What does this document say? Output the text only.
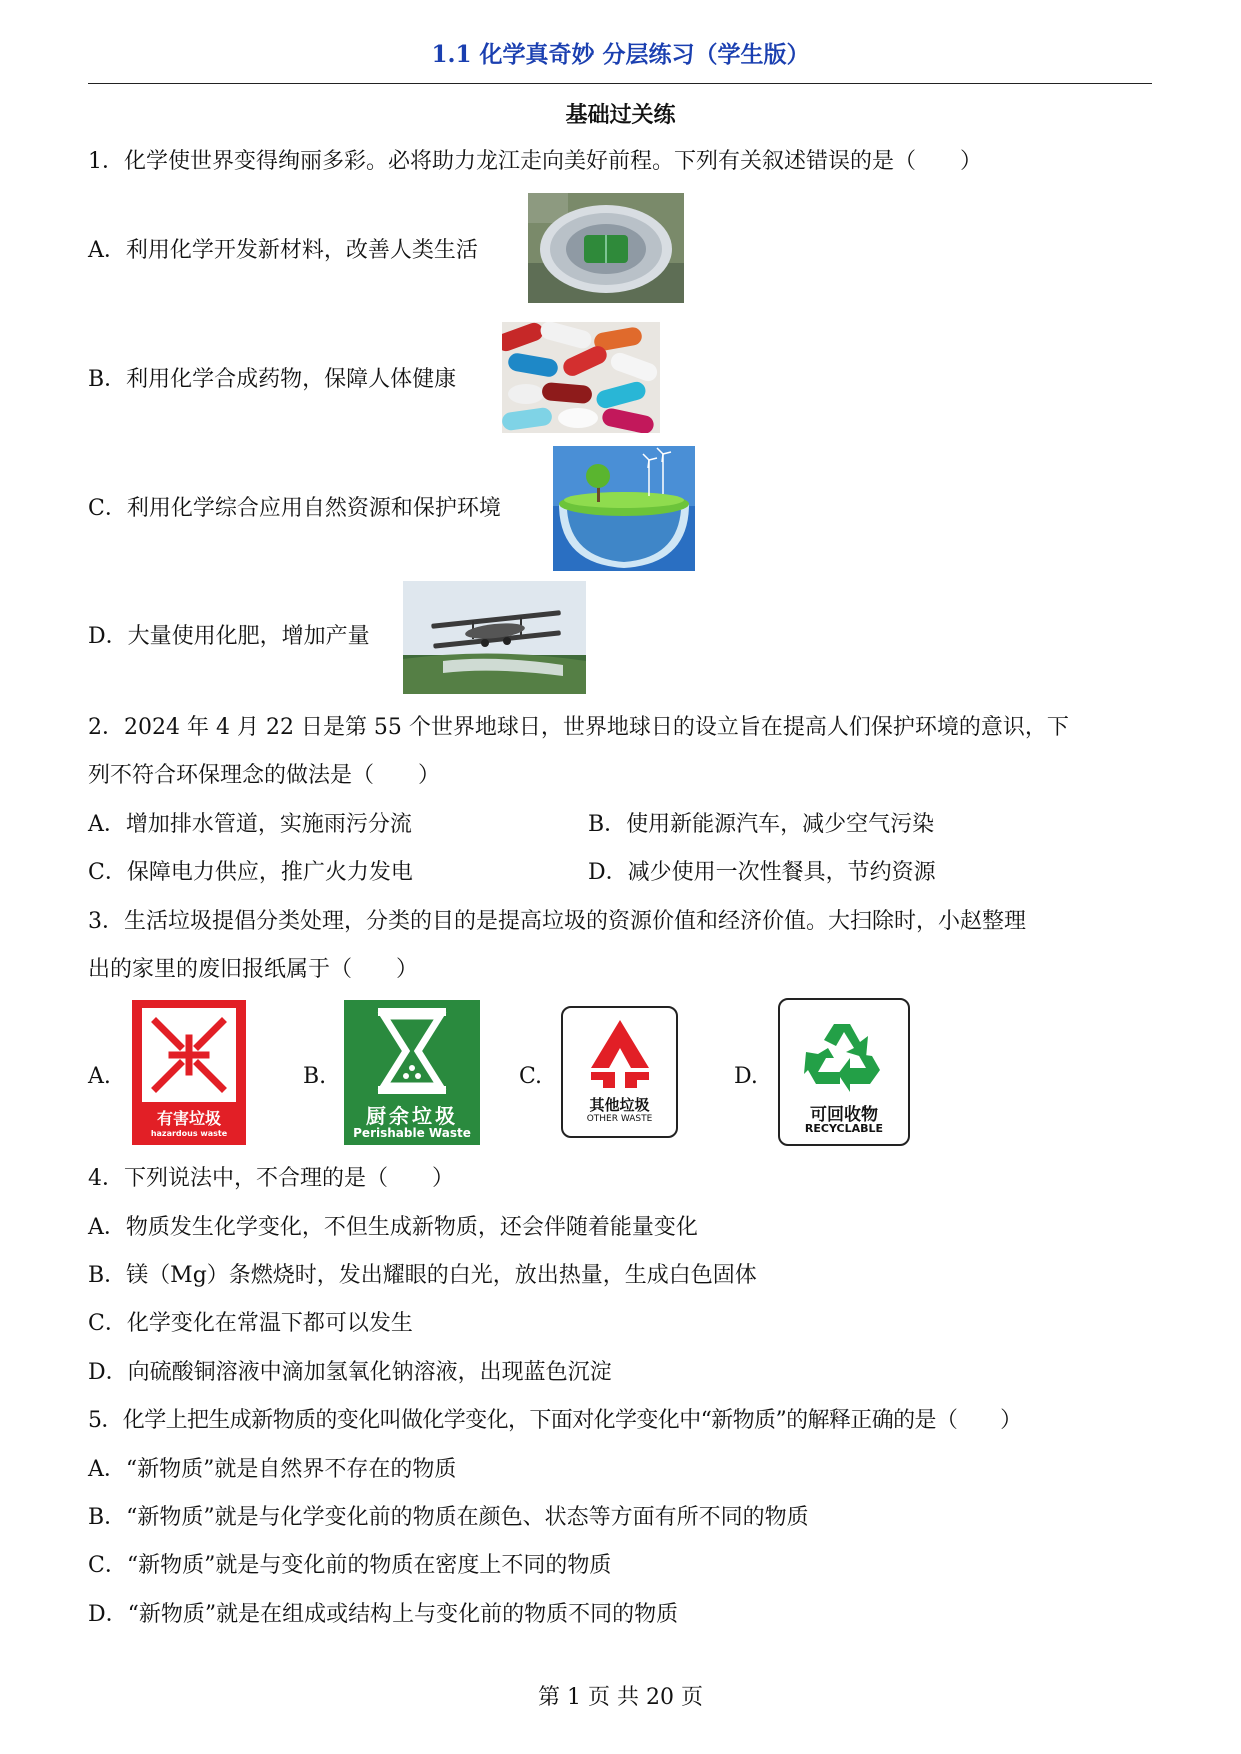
1.1 化学真奇妙 分层练习（学生版）
基础过关练
1．化学使世界变得绚丽多彩。必将助力龙江走向美好前程。下列有关叙述错误的是（　　）
A．利用化学开发新材料，改善人类生活
B．利用化学合成药物，保障人体健康
C．利用化学综合应用自然资源和保护环境
D．大量使用化肥，增加产量
2．2024 年 4 月 22 日是第 55 个世界地球日，世界地球日的设立旨在提高人们保护环境的意识，下
列不符合环保理念的做法是（　　）
A．增加排水管道，实施雨污分流	B．使用新能源汽车，减少空气污染
C．保障电力供应，推广火力发电	D．减少使用一次性餐具，节约资源
3．生活垃圾提倡分类处理，分类的目的是提高垃圾的资源价值和经济价值。大扫除时，小赵整理
出的家里的废旧报纸属于（　　）
A.	B.	C.	D.
有害垃圾
hazardous waste
厨余垃圾
Perishable Waste
其他垃圾
OTHER WASTE	可回收物
RECYCLABLE
4．下列说法中，不合理的是（　　）
A．物质发生化学变化，不但生成新物质，还会伴随着能量变化
B．镁（Mg）条燃烧时，发出耀眼的白光，放出热量，生成白色固体
C．化学变化在常温下都可以发生
D．向硫酸铜溶液中滴加氢氧化钠溶液，出现蓝色沉淀
5．化学上把生成新物质的变化叫做化学变化，下面对化学变化中“新物质”的解释正确的是（　　）
A．“新物质”就是自然界不存在的物质
B．“新物质”就是与化学变化前的物质在颜色、状态等方面有所不同的物质
C．“新物质”就是与变化前的物质在密度上不同的物质
D．“新物质”就是在组成或结构上与变化前的物质不同的物质
第 1 页 共 20 页
